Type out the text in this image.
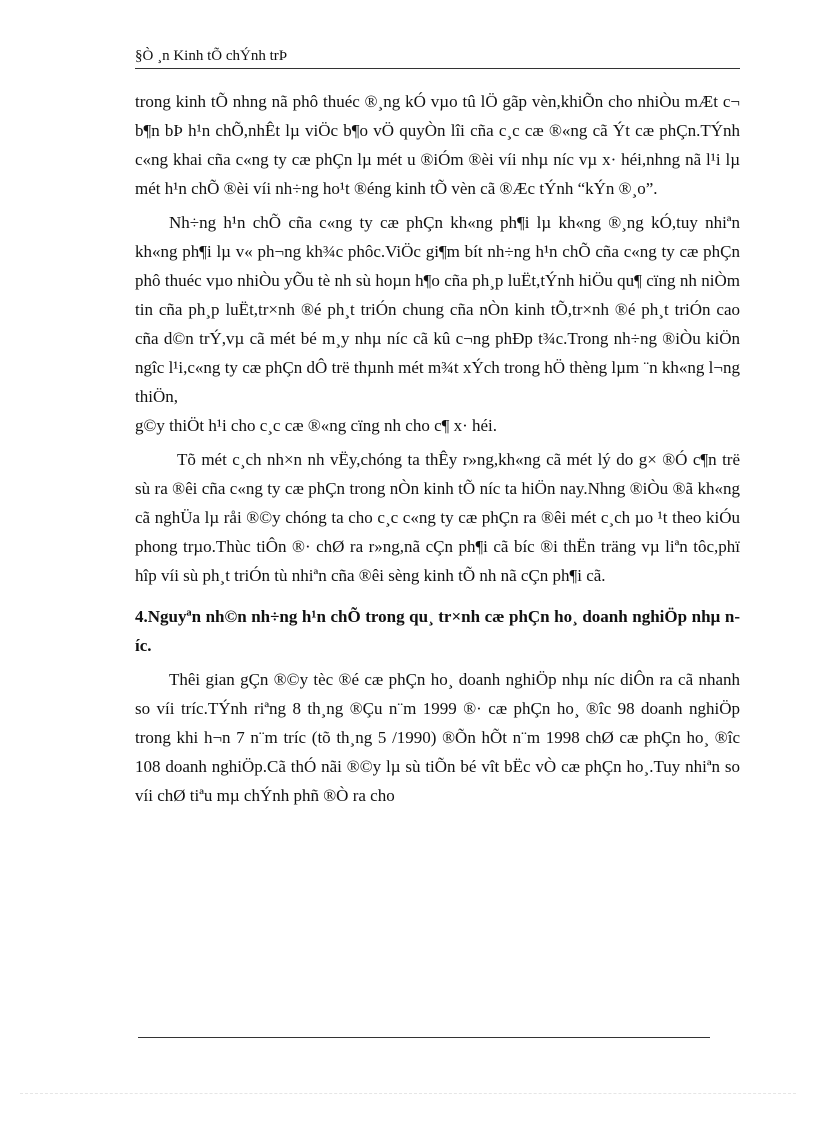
§Ò ¸n Kinh tÕ chÝnh trÞ

trong kinh tÕ nhng nã phô thuéc ®¸ng kÓ vµo tû lÖ gãp vèn,khiÕn cho nhiÒu mÆt c¬ b¶n bÞ h¹n chÕ,nhÊt lµ viÖc b¶o vÖ quyÒn lîi cña c¸c cæ ®«ng cã Ýt cæ phÇn.TÝnh c«ng khai cña c«ng ty cæ phÇn lµ mét u ®iÓm ®èi víi nhµ níc vµ x· héi,nhng nã l¹i lµ mét h¹n chÕ ®èi víi nh÷ng ho¹t ®éng kinh tÕ vèn cã ®Æc tÝnh “kÝn ®¸o”.

Nh÷ng h¹n chÕ cña c«ng ty cæ phÇn kh«ng ph¶i lµ kh«ng ®¸ng kÓ,tuy nhiªn kh«ng ph¶i lµ v« ph¬ng kh¾c phôc.ViÖc gi¶m bít nh÷ng h¹n chÕ cña c«ng ty cæ phÇn phô thuéc vµo nhiÒu yÕu tè nh sù hoµn h¶o cña ph¸p luËt,tÝnh hiÖu qu¶ cïng nh niÒm tin cña ph¸p luËt,tr×nh ®é ph¸t triÓn chung cña nÒn kinh tÕ,tr×nh ®é ph¸t triÓn cao cña d©n trÝ,vµ cã mét bé m¸y nhµ níc cã kû c¬ng phÐp t¾c.Trong nh÷ng ®iÒu kiÖn ngîc l¹i,c«ng ty cæ phÇn dÔ trë thµnh mét m¾t xÝch trong hÖ thèng lµm ¨n kh«ng l¬ng thiÖn,

g©y thiÖt h¹i cho c¸c cæ ®«ng cïng nh cho c¶ x· héi.

Tõ mét c¸ch nh×n nh vËy,chóng ta thÊy r»ng,kh«ng cã mét lý do g× ®Ó c¶n trë sù ra ®êi cña c«ng ty cæ phÇn trong nÒn kinh tÕ níc ta hiÖn nay.Nhng ®iÒu ®ã kh«ng cã nghÜa lµ råi ®©y chóng ta cho c¸c c«ng ty cæ phÇn ra ®êi mét c¸ch µo ¹t theo kiÓu phong trµo.Thùc tiÔn ®· chØ ra r»ng,nã cÇn ph¶i cã bíc ®i thËn träng vµ liªn tôc,phï hîp víi sù ph¸t triÓn tù nhiªn cña ®êi sèng kinh tÕ nh nã cÇn ph¶i cã.

4.Nguyªn nh©n nh÷ng h¹n chÕ trong qu¸ tr×nh cæ phÇn ho¸ doanh nghiÖp nhµ níc.

Thêi gian gÇn ®©y tèc ®é cæ phÇn ho¸ doanh nghiÖp nhµ níc diÔn ra cã nhanh so víi tríc.TÝnh riªng 8 th¸ng ®Çu n¨m 1999 ®· cæ phÇn ho¸ ®îc 98 doanh nghiÖp trong khi h¬n 7 n¨m tríc (tõ th¸ng 5 /1990) ®Õn hÕt n¨m 1998 chØ cæ phÇn ho¸ ®îc 108 doanh nghiÖp.Cã thÓ nãi ®©y lµ sù tiÕn bé vît bËc vÒ cæ phÇn ho¸.Tuy nhiªn so víi chØ tiªu mµ chÝnh phñ ®Ò ra cho
